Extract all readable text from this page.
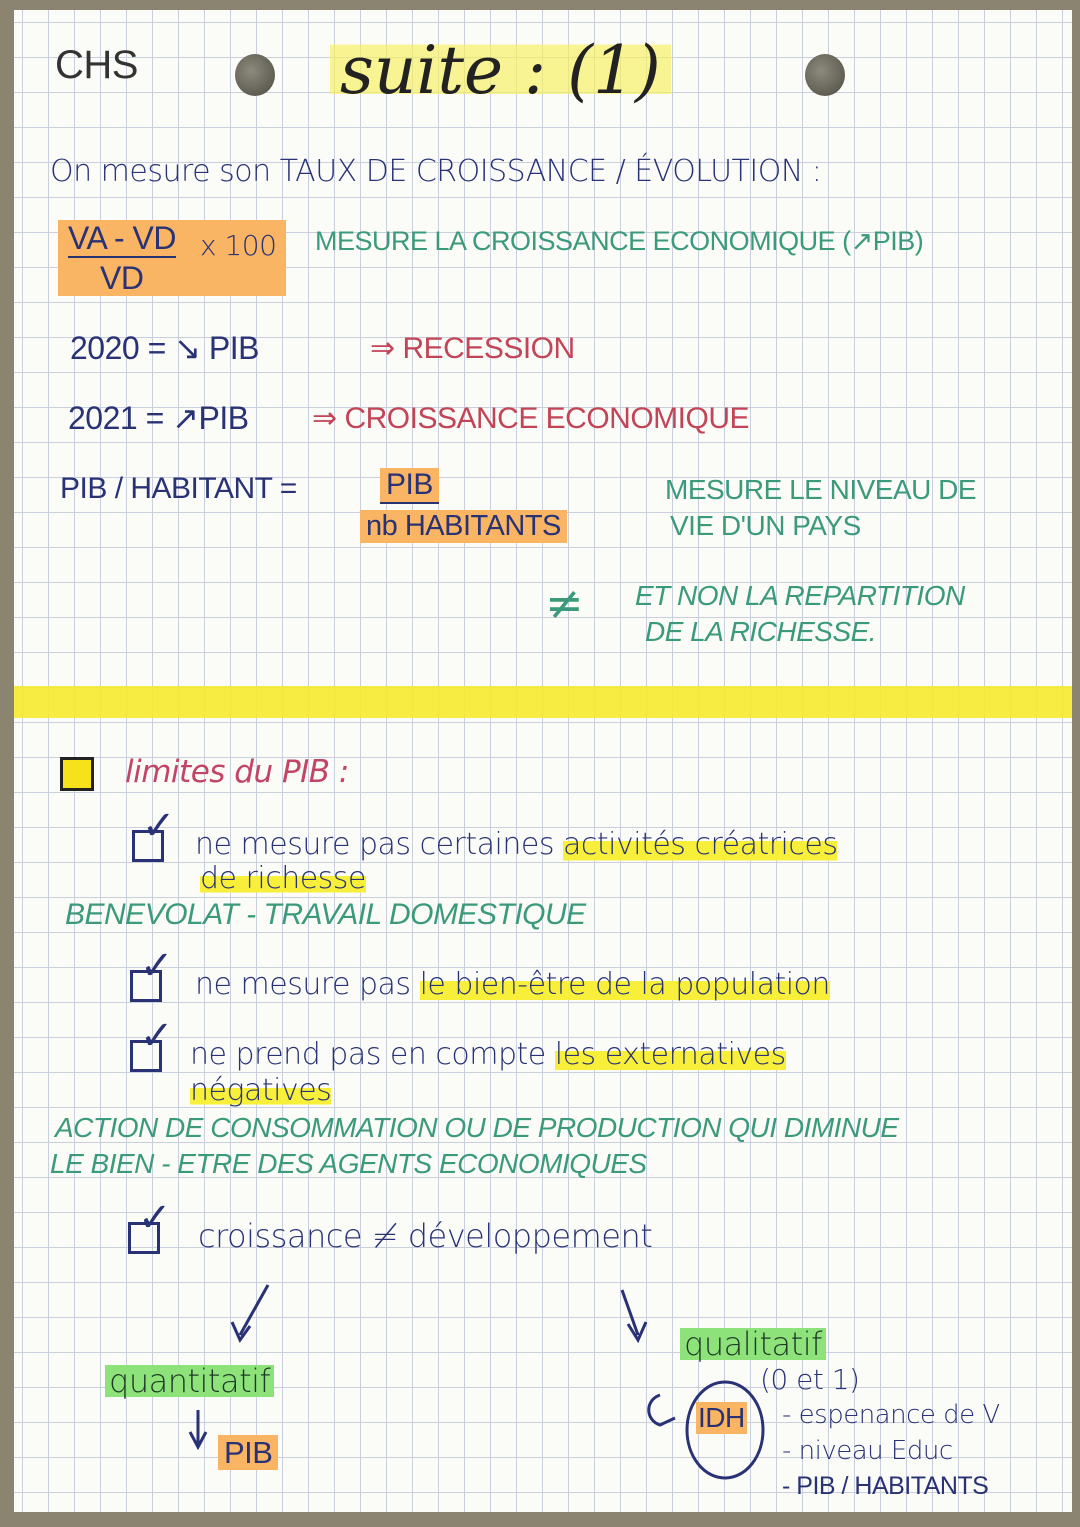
CHS	suite : (1)
On mesure son TAUX DE CROISSANCE / ÉVOLUTION :
VA - VD
VD
x 100 MESURE LA CROISSANCE ECONOMIQUE (↗PIB)
2020 = ↘ PIB	⇒ RECESSION
2021 = ↗PIB ⇒ CROISSANCE ECONOMIQUE
PIB / HABITANT =	PIB
nb HABITANTS
MESURE LE NIVEAU DE
VIE D'UN PAYS
≠ ET NON LA REPARTITION
DE LA RICHESSE.
limites du PIB :
✓ ne mesure pas certaines activités créatrices
de richesse
BENEVOLAT - TRAVAIL DOMESTIQUE
✓ ne mesure pas le bien-être de la population
✓ ne prend pas en compte les externatives
négatives
ACTION DE CONSOMMATION OU DE PRODUCTION QUI DIMINUE
LE BIEN - ETRE DES AGENTS ECONOMIQUES
✓ croissance ≠ développement
quantitatif
PIB
qualitatif
(0 et 1)
IDH - espenance de V
- niveau Educ
- PIB / HABITANTS
